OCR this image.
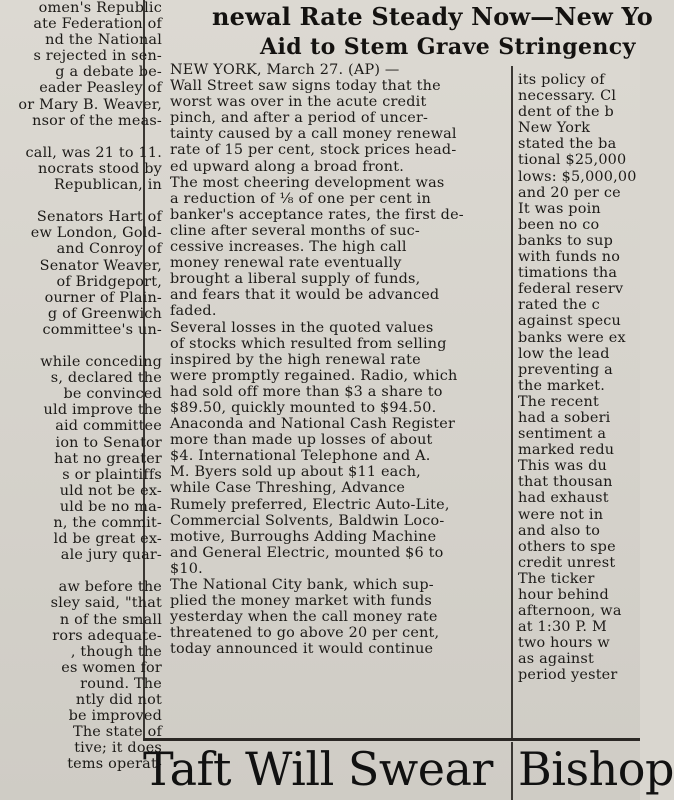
newal Rate Steady Now—New Yo
Aid to Stem Grave Stringency
omen's Republic
ate Federation of
nd the National
s rejected in sen-
g a debate be-
eader Peasley of
or Mary B. Weaver,
nsor of the meas-

call, was 21 to 11.
nocrats stood by
Republican, in

Senators Hart of
ew London, Gold-
and Conroy of
Senator Weaver,
of Bridgeport,
ourner of Plain-
g of Greenwich
committee's un-

while conceding
s, declared the
be convinced
uld improve the
aid committee
ion to Senator
hat no greater
s or plaintiffs
uld not be ex-
uld be no ma-
n, the commit-
ld be great ex-
ale jury quar-

aw before the
sley said, "that
n of the small
rors adequate-
, though the
es women for
round. The
ntly did not
be improved
The state of
tive; it does
tems operat-
NEW YORK, March 27. (AP) —
Wall Street saw signs today that the
worst was over in the acute credit
pinch, and after a period of uncer-
tainty caused by a call money renewal
rate of 15 per cent, stock prices head-
ed upward along a broad front.
The most cheering development was
a reduction of ⅛ of one per cent in
banker's acceptance rates, the first de-
cline after several months of suc-
cessive increases. The high call
money renewal rate eventually
brought a liberal supply of funds,
and fears that it would be advanced
faded.
Several losses in the quoted values
of stocks which resulted from selling
inspired by the high renewal rate
were promptly regained. Radio, which
had sold off more than $3 a share to
$89.50, quickly mounted to $94.50.
Anaconda and National Cash Register
more than made up losses of about
$4. International Telephone and A.
M. Byers sold up about $11 each,
while Case Threshing, Advance
Rumely preferred, Electric Auto-Lite,
Commercial Solvents, Baldwin Loco-
motive, Burroughs Adding Machine
and General Electric, mounted $6 to
$10.
The National City bank, which sup-
plied the money market with funds
yesterday when the call money rate
threatened to go above 20 per cent,
today announced it would continue
its policy of
necessary. Cl
dent of the b
New York
stated the ba
tional $25,000
lows: $5,000,00
and 20 per ce
It was poin
been no co
banks to sup
with funds no
timations tha
federal reserv
rated the c
against specu
banks were ex
low the lead
preventing a
the market.
The recent
had a soberi
sentiment a
marked redu
This was du
that thousan
had exhaust
were not in
and also to
others to spe
credit unrest
The ticker
hour behind
afternoon, wa
at 1:30 P. M
two hours w
as against
period yester
Taft Will Swear Bishop
